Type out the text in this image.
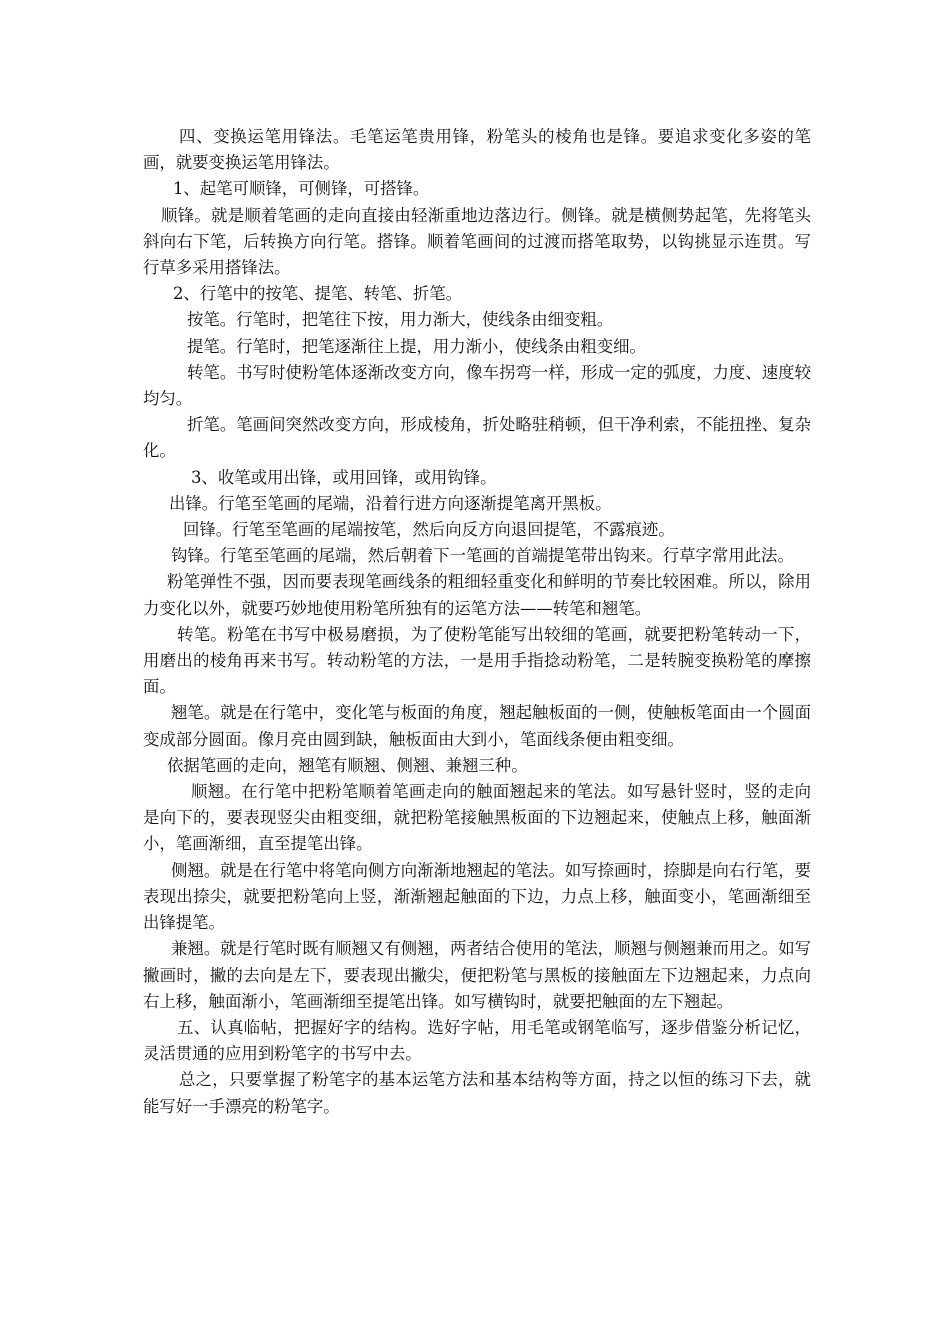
四、变换运笔用锋法。毛笔运笔贵用锋，粉笔头的棱角也是锋。要追求变化多姿的笔画，就要变换运笔用锋法。

1、起笔可顺锋，可侧锋，可搭锋。

顺锋。就是顺着笔画的走向直接由轻渐重地边落边行。侧锋。就是横侧势起笔，先将笔头斜向右下笔，后转换方向行笔。搭锋。顺着笔画间的过渡而搭笔取势，以钩挑显示连贯。写行草多采用搭锋法。

2、行笔中的按笔、提笔、转笔、折笔。

按笔。行笔时，把笔往下按，用力渐大，使线条由细变粗。

提笔。行笔时，把笔逐渐往上提，用力渐小，使线条由粗变细。

转笔。书写时使粉笔体逐渐改变方向，像车拐弯一样，形成一定的弧度，力度、速度较均匀。

折笔。笔画间突然改变方向，形成棱角，折处略驻稍顿，但干净利索，不能扭挫、复杂化。

3、收笔或用出锋，或用回锋，或用钩锋。

出锋。行笔至笔画的尾端，沿着行进方向逐渐提笔离开黑板。

回锋。行笔至笔画的尾端按笔，然后向反方向退回提笔，不露痕迹。

钩锋。行笔至笔画的尾端，然后朝着下一笔画的首端提笔带出钩来。行草字常用此法。

粉笔弹性不强，因而要表现笔画线条的粗细轻重变化和鲜明的节奏比较困难。所以，除用力变化以外，就要巧妙地使用粉笔所独有的运笔方法——转笔和翘笔。

转笔。粉笔在书写中极易磨损，为了使粉笔能写出较细的笔画，就要把粉笔转动一下，用磨出的棱角再来书写。转动粉笔的方法，一是用手指捻动粉笔，二是转腕变换粉笔的摩擦面。

翘笔。就是在行笔中，变化笔与板面的角度，翘起触板面的一侧，使触板笔面由一个圆面变成部分圆面。像月亮由圆到缺，触板面由大到小，笔面线条便由粗变细。

依据笔画的走向，翘笔有顺翘、侧翘、兼翘三种。

顺翘。在行笔中把粉笔顺着笔画走向的触面翘起来的笔法。如写悬针竖时，竖的走向是向下的，要表现竖尖由粗变细，就把粉笔接触黑板面的下边翘起来，使触点上移，触面渐小，笔画渐细，直至提笔出锋。

侧翘。就是在行笔中将笔向侧方向渐渐地翘起的笔法。如写捺画时，捺脚是向右行笔，要表现出捺尖，就要把粉笔向上竖，渐渐翘起触面的下边，力点上移，触面变小，笔画渐细至出锋提笔。

兼翘。就是行笔时既有顺翘又有侧翘，两者结合使用的笔法，顺翘与侧翘兼而用之。如写撇画时，撇的去向是左下，要表现出撇尖，便把粉笔与黑板的接触面左下边翘起来，力点向右上移，触面渐小，笔画渐细至提笔出锋。如写横钩时，就要把触面的左下翘起。

五、认真临帖，把握好字的结构。选好字帖，用毛笔或钢笔临写，逐步借鉴分析记忆，灵活贯通的应用到粉笔字的书写中去。

总之，只要掌握了粉笔字的基本运笔方法和基本结构等方面，持之以恒的练习下去，就能写好一手漂亮的粉笔字。
